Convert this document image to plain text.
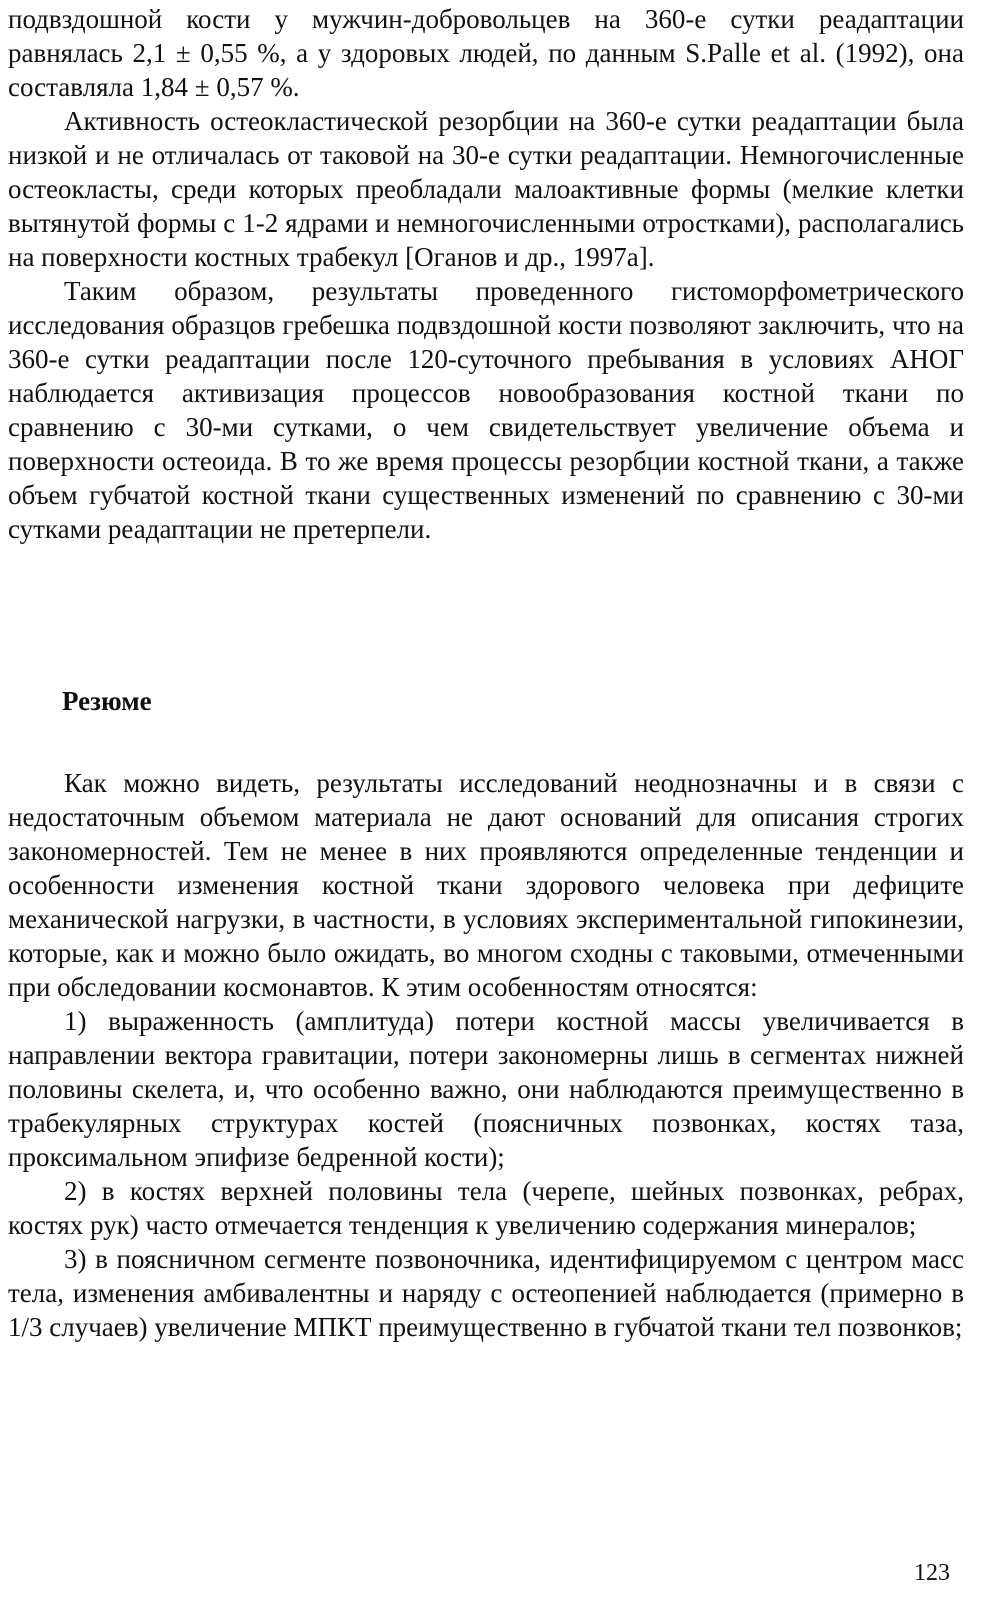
подвздошной кости у мужчин-добровольцев на 360-е сутки реадаптации равнялась 2,1 ± 0,55 %, а у здоровых людей, по данным S.Palle et al. (1992), она составляла 1,84 ± 0,57 %.

Активность остеокластической резорбции на 360-е сутки реадаптации была низкой и не отличалась от таковой на 30-е сутки реадаптации. Немногочисленные остеокласты, среди которых преобладали малоактивные формы (мелкие клетки вытянутой формы с 1-2 ядрами и немногочисленными отростками), располагались на поверхности костных трабекул [Оганов и др., 1997а].

Таким образом, результаты проведенного гистоморфометрического исследования образцов гребешка подвздошной кости позволяют заключить, что на 360-е сутки реадаптации после 120-суточного пребывания в условиях АНОГ наблюдается активизация процессов новообразования костной ткани по сравнению с 30-ми сутками, о чем свидетельствует увеличение объема и поверхности остеоида. В то же время процессы резорбции костной ткани, а также объем губчатой костной ткани существенных изменений по сравнению с 30-ми сутками реадаптации не претерпели.

Резюме

Как можно видеть, результаты исследований неоднозначны и в связи с недостаточным объемом материала не дают оснований для описания строгих закономерностей. Тем не менее в них проявляются определенные тенденции и особенности изменения костной ткани здорового человека при дефиците механической нагрузки, в частности, в условиях экспериментальной гипокинезии, которые, как и можно было ожидать, во многом сходны с таковыми, отмеченными при обследовании космонавтов. К этим особенностям относятся:

1) выраженность (амплитуда) потери костной массы увеличивается в направлении вектора гравитации, потери закономерны лишь в сегментах нижней половины скелета, и, что особенно важно, они наблюдаются преимущественно в трабекулярных структурах костей (поясничных позвонках, костях таза, проксимальном эпифизе бедренной кости);

2) в костях верхней половины тела (черепе, шейных позвонках, ребрах, костях рук) часто отмечается тенденция к увеличению содержания минералов;

3) в поясничном сегменте позвоночника, идентифицируемом с центром масс тела, изменения амбивалентны и наряду с остеопенией наблюдается (примерно в 1/3 случаев) увеличение МПКТ преимущественно в губчатой ткани тел позвонков;

123
